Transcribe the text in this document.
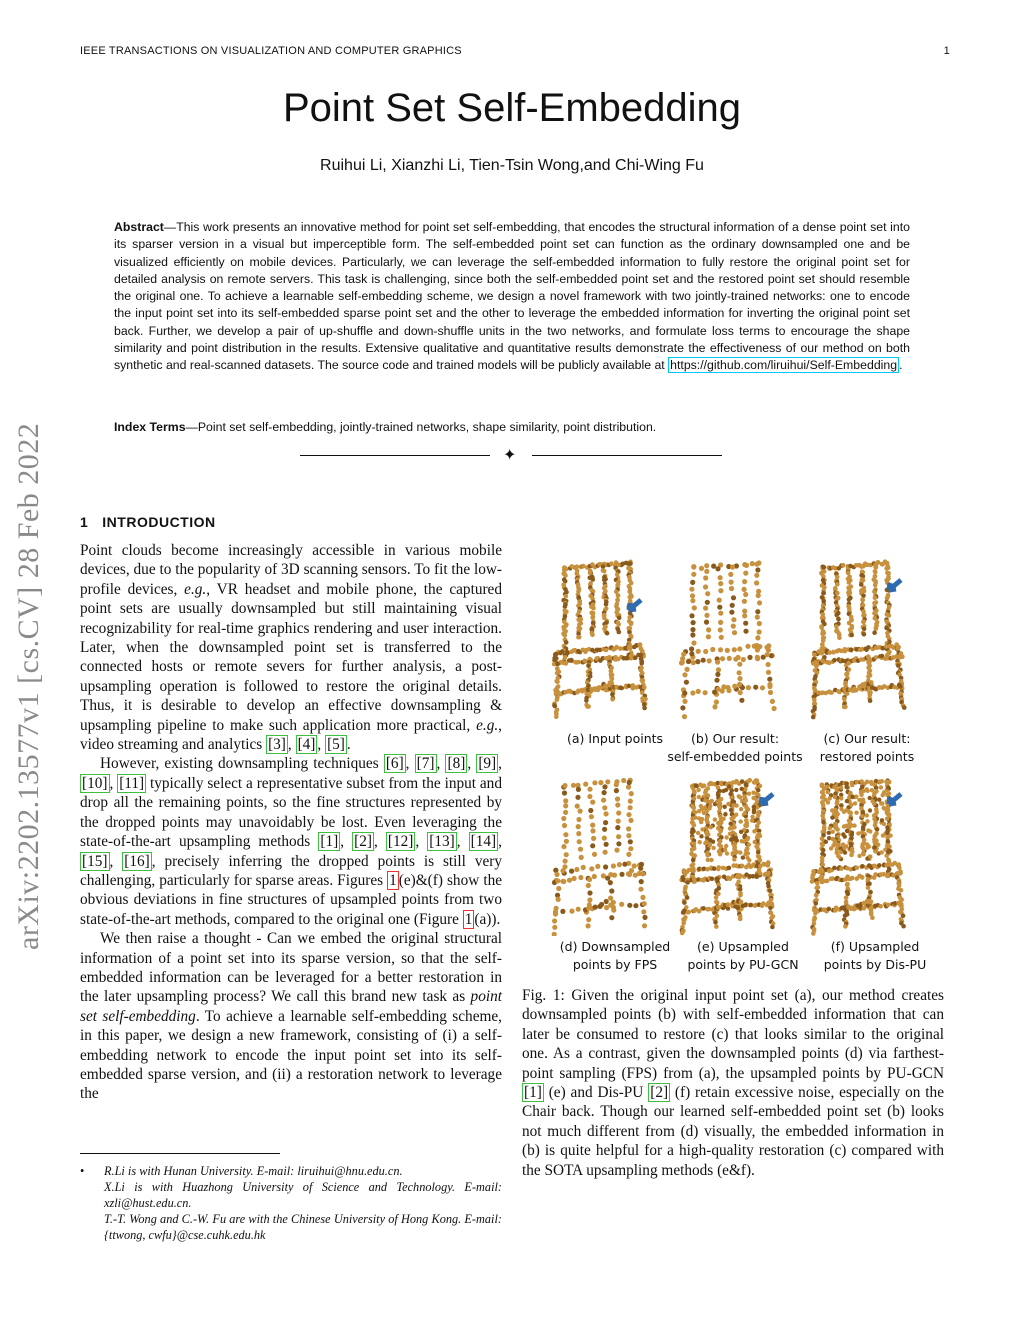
IEEE TRANSACTIONS ON VISUALIZATION AND COMPUTER GRAPHICS	1
Point Set Self-Embedding
Ruihui Li, Xianzhi Li, Tien-Tsin Wong,and Chi-Wing Fu
Abstract—This work presents an innovative method for point set self-embedding, that encodes the structural information of a dense point set into its sparser version in a visual but imperceptible form. The self-embedded point set can function as the ordinary downsampled one and be visualized efficiently on mobile devices. Particularly, we can leverage the self-embedded information to fully restore the original point set for detailed analysis on remote servers. This task is challenging, since both the self-embedded point set and the restored point set should resemble the original one. To achieve a learnable self-embedding scheme, we design a novel framework with two jointly-trained networks: one to encode the input point set into its self-embedded sparse point set and the other to leverage the embedded information for inverting the original point set back. Further, we develop a pair of up-shuffle and down-shuffle units in the two networks, and formulate loss terms to encourage the shape similarity and point distribution in the results. Extensive qualitative and quantitative results demonstrate the effectiveness of our method on both synthetic and real-scanned datasets. The source code and trained models will be publicly available at https://github.com/liruihui/Self-Embedding .
Index Terms—Point set self-embedding, jointly-trained networks, shape similarity, point distribution.
✦
arXiv:2202.13577v1 [cs.CV] 28 Feb 2022	1 INTRODUCTION

Point clouds become increasingly accessible in various mobile devices, due to the popularity of 3D scanning sensors. To fit the low-profile devices, e.g., VR headset and mobile phone, the captured point sets are usually downsampled but still maintaining visual recognizability for real-time graphics rendering and user interaction. Later, when the downsampled point set is transferred to the connected hosts or remote severs for further analysis, a post-upsampling operation is followed to restore the original details. Thus, it is desirable to develop an effective downsampling & upsampling pipeline to make such application more practical, e.g., video streaming and analytics [3] , [4] , [5] .

However, existing downsampling techniques [6] , [7] , [8] , [9] , [10] , [11] typically select a representative subset from the input and drop all the remaining points, so the fine structures represented by the dropped points may unavoidably be lost. Even leveraging the state-of-the-art upsampling methods [1] , [2] , [12] , [13] , [14] , [15] , [16] , precisely inferring the dropped points is still very challenging, particularly for sparse areas. Figures 1 (e)&(f) show the obvious deviations in fine structures of upsampled points from two state-of-the-art methods, compared to the original one (Figure 1 (a)).

We then raise a thought - Can we embed the original structural information of a point set into its sparse version, so that the self-embedded information can be leveraged for a better restoration in the later upsampling process? We call this brand new task as point set self-embedding. To achieve a learnable self-embedding scheme, in this paper, we design a new framework, consisting of (i) a self-embedding network to encode the input point set into its self-embedded sparse version, and (ii) a restoration network to leverage the

• R.Li is with Hunan University. E-mail: liruihui@hnu.edu.cn.
X.Li is with Huazhong University of Science and Technology. E-mail: xzli@hust.edu.cn.
T.-T. Wong and C.-W. Fu are with the Chinese University of Hong Kong. E-mail: {ttwong, cwfu}@cse.cuhk.edu.hk
(a) Input points	(b) Our result:
self-embedded points
(c) Our result:
restored points
(d) Downsampled
points by FPS
(e) Upsampled
points by PU-GCN
(f) Upsampled
points by Dis-PU
Fig. 1: Given the original input point set (a), our method creates downsampled points (b) with self-embedded information that can later be consumed to restore (c) that looks similar to the original one. As a contrast, given the downsampled points (d) via farthest-point sampling (FPS) from (a), the upsampled points by PU-GCN [1] (e) and Dis-PU [2] (f) retain excessive noise, especially on the Chair back. Though our learned self-embedded point set (b) looks not much different from (d) visually, the embedded information in (b) is quite helpful for a high-quality restoration (c) compared with the SOTA upsampling methods (e&f).
